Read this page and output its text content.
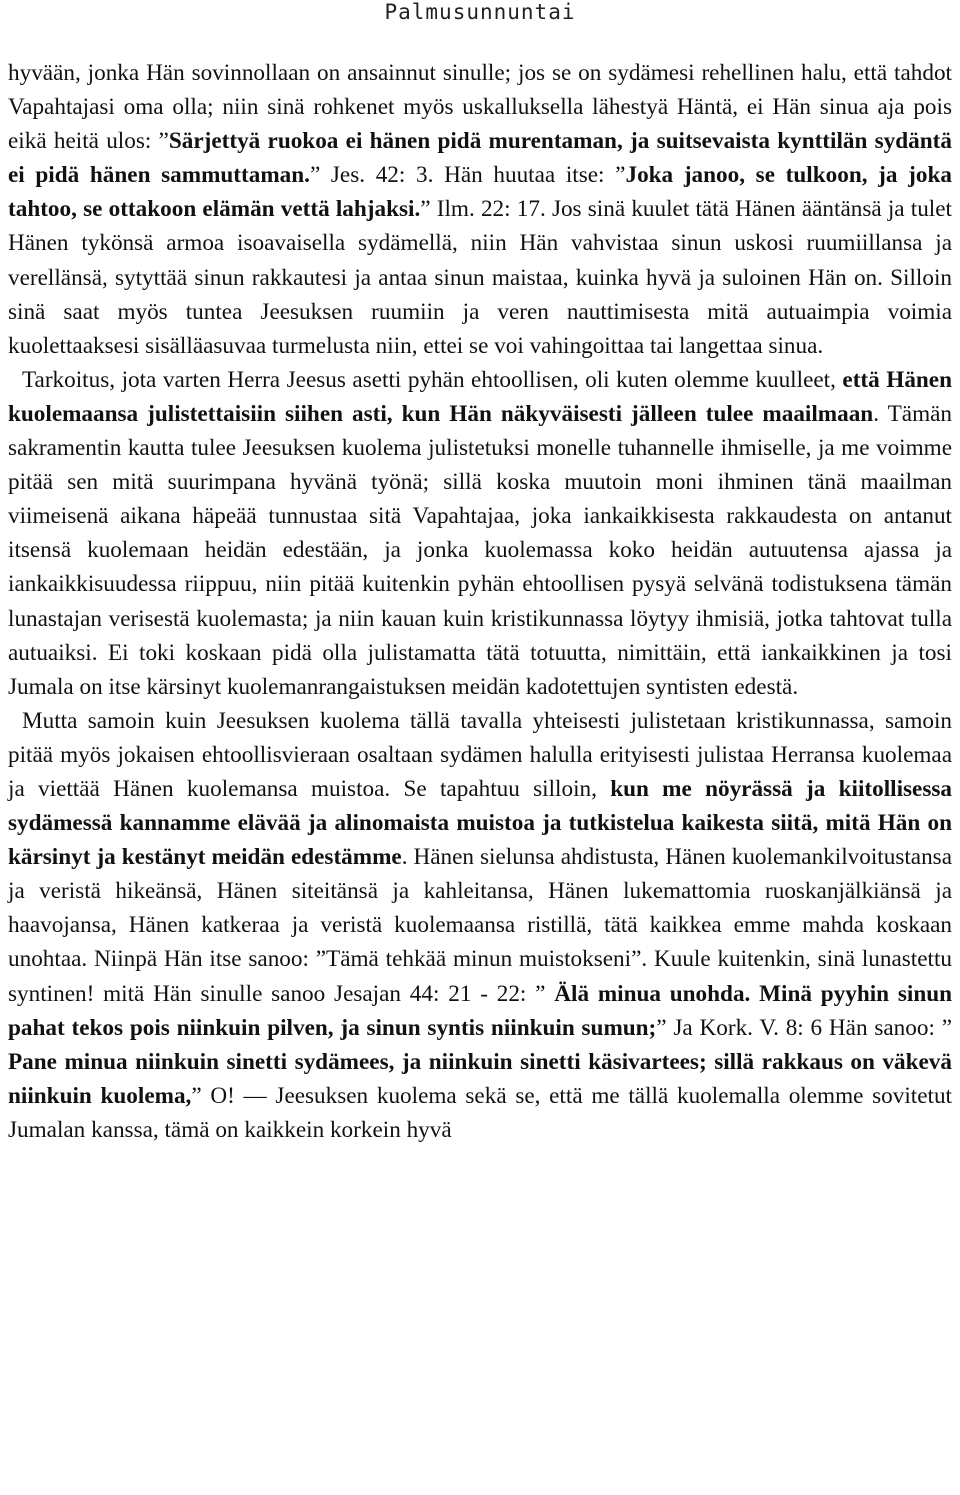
Palmusunnuntai

hyvään, jonka Hän sovinnollaan on ansainnut sinulle; jos se on sydämesi rehellinen halu, että tahdot Vapahtajasi oma olla; niin sinä rohkenet myös uskalluksella lähestyä Häntä, ei Hän sinua aja pois eikä heitä ulos: ”Särjettyä ruokoa ei hänen pidä murentaman, ja suitsevaista kynttilän sydäntä ei pidä hänen sammuttaman.” Jes. 42: 3. Hän huutaa itse: ”Joka janoo, se tulkoon, ja joka tahtoo, se ottakoon elämän vettä lahjaksi.” Ilm. 22: 17. Jos sinä kuulet tätä Hänen ääntänsä ja tulet Hänen tykönsä armoa isoavaisella sydämellä, niin Hän vahvistaa sinun uskosi ruumiillansa ja verellänsä, sytyttää sinun rakkautesi ja antaa sinun maistaa, kuinka hyvä ja suloinen Hän on. Silloin sinä saat myös tuntea Jeesuksen ruumiin ja veren nauttimisesta mitä autuaimpia voimia kuolettaaksesi sisälläasuvaa turmelusta niin, ettei se voi vahingoittaa tai langettaa sinua.

Tarkoitus, jota varten Herra Jeesus asetti pyhän ehtoollisen, oli kuten olemme kuulleet, että Hänen kuolemaansa julistettaisiin siihen asti, kun Hän näkyväisesti jälleen tulee maailmaan. Tämän sakramentin kautta tulee Jeesuksen kuolema julistetuksi monelle tuhannelle ihmiselle, ja me voimme pitää sen mitä suurimpana hyvänä työnä; sillä koska muutoin moni ihminen tänä maailman viimeisenä aikana häpeää tunnustaa sitä Vapahtajaa, joka iankaikkisesta rakkaudesta on antanut itsensä kuolemaan heidän edestään, ja jonka kuolemassa koko heidän autuutensa ajassa ja iankaikkisuudessa riippuu, niin pitää kuitenkin pyhän ehtoollisen pysyä selvänä todistuksena tämän lunastajan verisestä kuolemasta; ja niin kauan kuin kristikunnassa löytyy ihmisiä, jotka tahtovat tulla autuaiksi. Ei toki koskaan pidä olla julistamatta tätä totuutta, nimittäin, että iankaikkinen ja tosi Jumala on itse kärsinyt kuolemanrangaistuksen meidän kadotettujen syntisten edestä.

Mutta samoin kuin Jeesuksen kuolema tällä tavalla yhteisesti julistetaan kristikunnassa, samoin pitää myös jokaisen ehtoollisvieraan osaltaan sydämen halulla erityisesti julistaa Herransa kuolemaa ja viettää Hänen kuolemansa muistoa. Se tapahtuu silloin, kun me nöyrässä ja kiitollisessa sydämessä kannamme elävää ja alinomaista muistoa ja tutkistelua kaikesta siitä, mitä Hän on kärsinyt ja kestänyt meidän edestämme. Hänen sielunsa ahdistusta, Hänen kuolemankilvoitustansa ja veristä hikeänsä, Hänen siteitänsä ja kahleitansa, Hänen lukemattomia ruoskanjälkiänsä ja haavojansa, Hänen katkeraa ja veristä kuolemaansa ristillä, tätä kaikkea emme mahda koskaan unohtaa. Niinpä Hän itse sanoo: ”Tämä tehkää minun muistokseni”. Kuule kuitenkin, sinä lunastettu syntinen! mitä Hän sinulle sanoo Jesajan 44: 21 - 22: ” Älä minua unohda. Minä pyyhin sinun pahat tekos pois niinkuin pilven, ja sinun syntis niinkuin sumun;” Ja Kork. V. 8: 6 Hän sanoo: ” Pane minua niinkuin sinetti sydämees, ja niinkuin sinetti käsivartees; sillä rakkaus on väkevä niinkuin kuolema,” O! — Jeesuksen kuolema sekä se, että me tällä kuolemalla olemme sovitetut Jumalan kanssa, tämä on kaikkein korkein hyvä
